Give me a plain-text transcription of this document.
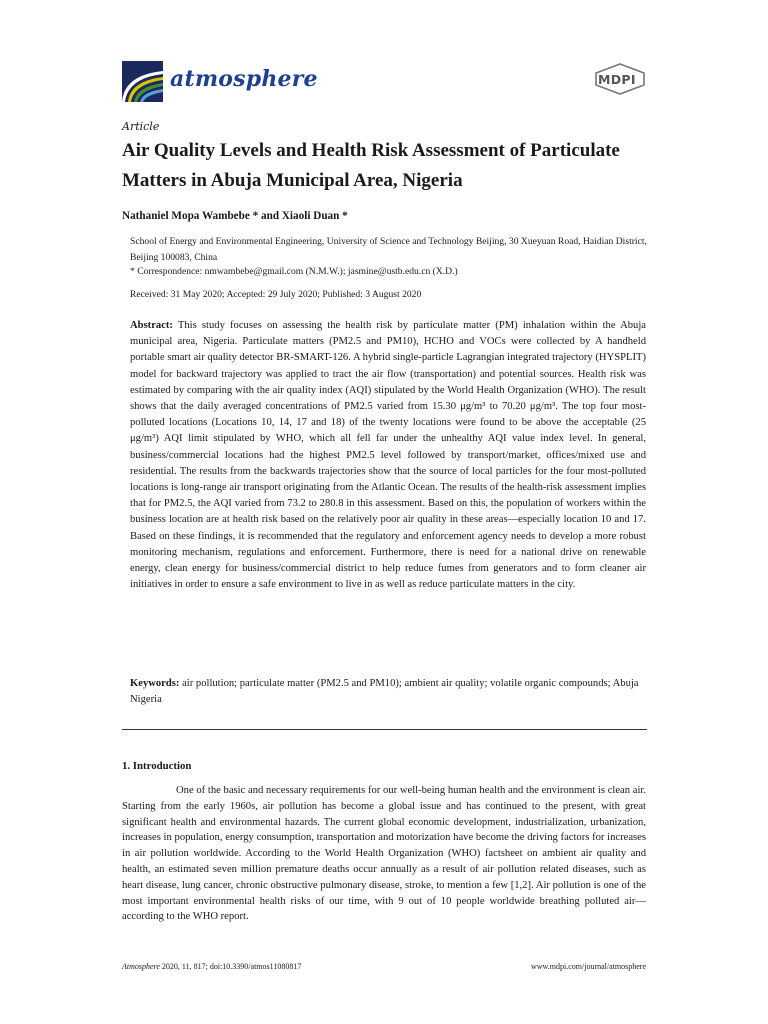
atmosphere	MDPI
Article
Air Quality Levels and Health Risk Assessment of Particulate Matters in Abuja Municipal Area, Nigeria
Nathaniel Mopa Wambebe * and Xiaoli Duan *
School of Energy and Environmental Engineering, University of Science and Technology Beijing, 30 Xueyuan Road, Haidian District, Beijing 100083, China
* Correspondence: nmwambebe@gmail.com (N.M.W.); jasmine@ustb.edu.cn (X.D.)
Received: 31 May 2020; Accepted: 29 July 2020; Published: 3 August 2020
Abstract: This study focuses on assessing the health risk by particulate matter (PM) inhalation within the Abuja municipal area, Nigeria. Particulate matters (PM2.5 and PM10), HCHO and VOCs were collected by A handheld portable smart air quality detector BR-SMART-126. A hybrid single-particle Lagrangian integrated trajectory (HYSPLIT) model for backward trajectory was applied to tract the air flow (transportation) and potential sources. Health risk was estimated by comparing with the air quality index (AQI) stipulated by the World Health Organization (WHO). The result shows that the daily averaged concentrations of PM2.5 varied from 15.30 μg/m³ to 70.20 μg/m³. The top four most-polluted locations (Locations 10, 14, 17 and 18) of the twenty locations were found to be above the acceptable (25 μg/m³) AQI limit stipulated by WHO, which all fell far under the unhealthy AQI value index level. In general, business/commercial locations had the highest PM2.5 level followed by transport/market, offices/mixed use and residential. The results from the backwards trajectories show that the source of local particles for the four most-polluted locations is long-range air transport originating from the Atlantic Ocean. The results of the health-risk assessment implies that for PM2.5, the AQI varied from 73.2 to 280.8 in this assessment. Based on this, the population of workers within the business location are at health risk based on the relatively poor air quality in these areas—especially location 10 and 17. Based on these findings, it is recommended that the regulatory and enforcement agency needs to develop a more robust monitoring mechanism, regulations and enforcement. Furthermore, there is need for a national drive on renewable energy, clean energy for business/commercial district to help reduce fumes from generators and to form cleaner air initiatives in order to ensure a safe environment to live in as well as reduce particulate matters in the city.
Keywords: air pollution; particulate matter (PM2.5 and PM10); ambient air quality; volatile organic compounds; Abuja Nigeria
1. Introduction
One of the basic and necessary requirements for our well-being human health and the environment is clean air. Starting from the early 1960s, air pollution has become a global issue and has continued to the present, with great significant health and environmental hazards. The current global economic development, industrialization, urbanization, increases in population, energy consumption, transportation and motorization have become the driving factors for increases in air pollution worldwide. According to the World Health Organization (WHO) factsheet on ambient air quality and health, an estimated seven million premature deaths occur annually as a result of air pollution related diseases, such as heart disease, lung cancer, chronic obstructive pulmonary disease, stroke, to mention a few [1,2]. Air pollution is one of the most important environmental health risks of our time, with 9 out of 10 people worldwide breathing polluted air—according to the WHO report.
Atmosphere 2020, 11, 817; doi:10.3390/atmos11080817	www.mdpi.com/journal/atmosphere
